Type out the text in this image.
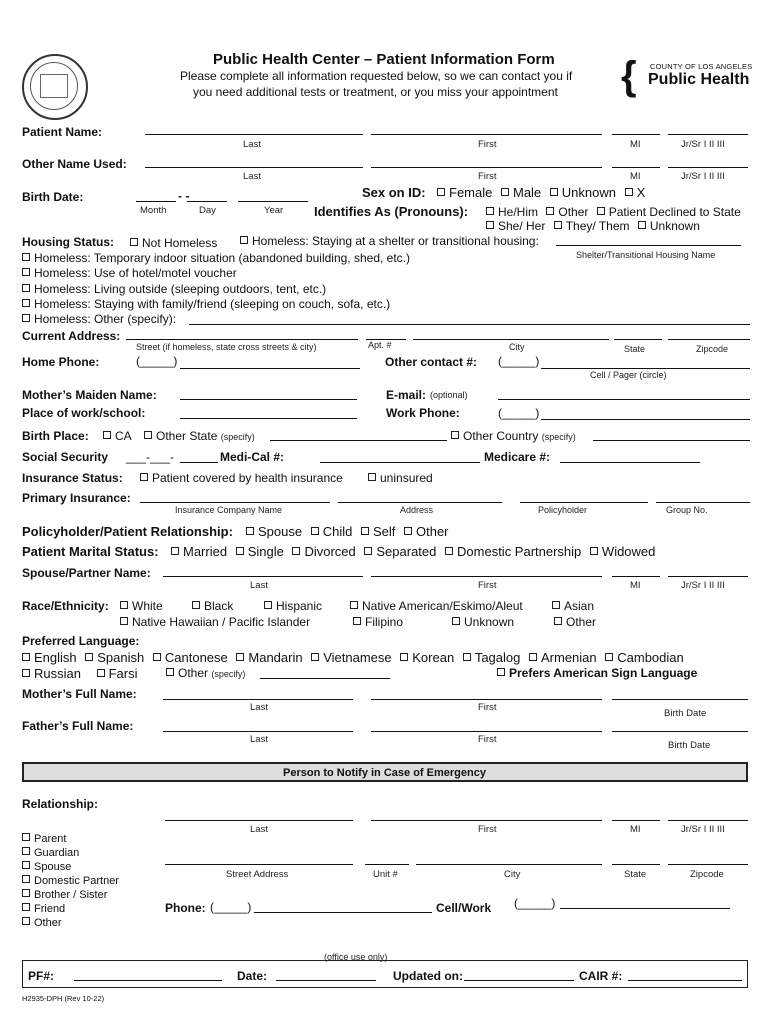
Public Health Center – Patient Information Form
Please complete all information requested below, so we can contact you if
you need additional tests or treatment, or you miss your appointment { COUNTY OF LOS ANGELES
Public Health
Patient Name:
Last	First	MI	Jr/Sr I II III
Other Name Used:
Last	First	MI	Jr/Sr I II III
Birth Date:	- -
Month	Day	Year
Sex on ID:	Female Male Unknown X
Identifies As (Pronouns):	He/Him Other Patient Declined to State
She/ Her They/ Them Unknown
Housing Status:	Not Homeless	Homeless: Staying at a shelter or transitional housing:
Shelter/Transitional Housing Name
Homeless: Temporary indoor situation (abandoned building, shed, etc.)
Homeless: Use of hotel/motel voucher
Homeless: Living outside (sleeping outdoors, tent, etc.)
Homeless: Staying with family/friend (sleeping on couch, sofa, etc.)
Homeless: Other (specify):
Current Address:
Street (if homeless, state cross streets & city)	Apt. #	City	State	Zipcode
Home Phone:	(_____)	Other contact #: (_____)
Cell / Pager (circle)
Mother’s Maiden Name:	E-mail: (optional)
Place of work/school:	Work Phone:	(_____)
Birth Place:	CA	Other State (specify)	Other Country (specify)
Social Security ___-___-	Medi-Cal #:	Medicare #:
Insurance Status:	Patient covered by health insurance	uninsured
Primary Insurance:
Insurance Company Name	Address	Policyholder	Group No.
Policyholder/Patient Relationship:	Spouse Child Self Other
Patient Marital Status:	Married Single Divorced Separated Domestic Partnership Widowed
Spouse/Partner Name:
Last	First	MI	Jr/Sr I II III
Race/Ethnicity:	White	Black	Hispanic	Native American/Eskimo/Aleut	Asian
Native Hawaiian / Pacific Islander	Filipino	Unknown	Other
Preferred Language:
English Spanish Cantonese Mandarin Vietnamese Korean Tagalog Armenian Cambodian
Russian Farsi	Other (specify)	Prefers American Sign Language
Mother’s Full Name:
Last	First
Birth Date
Father’s Full Name:
Last	First
Birth Date
Person to Notify in Case of Emergency
Relationship:
Last	First	MI	Jr/Sr I II III
Parent
Guardian
Spouse
Domestic Partner
Brother / Sister
Friend
Other
Street Address	Unit #	City	State	Zipcode
Phone: (_____)	Cell/Work (_____)
(office use only)
PF#:	Date:	Updated on:	CAIR #:
H2935-DPH (Rev 10-22)
